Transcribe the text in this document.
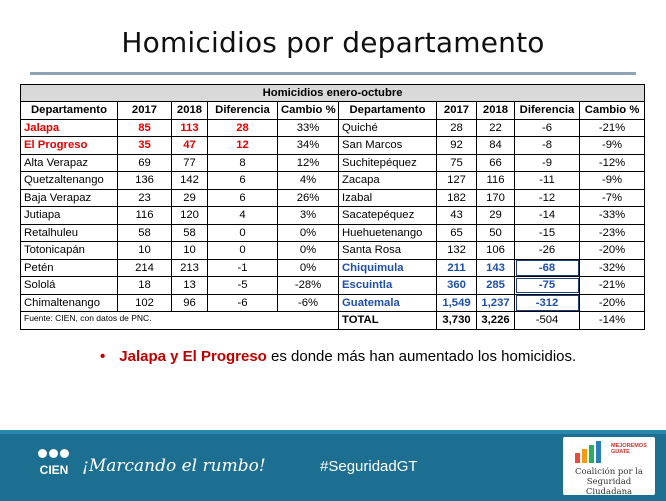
Homicidios por departamento
Homicidios enero-octubre									
Departamento	2017	2018	Diferencia	Cambio %	Departamento	2017	2018	Diferencia	Cambio %
Jalapa	85	113	28	33%	Quiché	28	22	-6	-21%
El Progreso	35	47	12	34%	San Marcos	92	84	-8	-9%
Alta Verapaz	69	77	8	12%	Suchitepéquez	75	66	-9	-12%
Quetzaltenango	136	142	6	4%	Zacapa	127	116	-11	-9%
Baja Verapaz	23	29	6	26%	Izabal	182	170	-12	-7%
Jutiapa	116	120	4	3%	Sacatepéquez	43	29	-14	-33%
Retalhuleu	58	58	0	0%	Huehuetenango	65	50	-15	-23%
Totonicapán	10	10	0	0%	Santa Rosa	132	106	-26	-20%
Petén	214	213	-1	0%	Chiquimula	211	143	-68	-32%
Sololá	18	13	-5	-28%	Escuintla	360	285	-75	-21%
Chimaltenango	102	96	-6	-6%	Guatemala	1,549	1,237	-312	-20%
Fuente: CIEN, con datos de PNC.					TOTAL	3,730	3,226	-504	-14%
• Jalapa y El Progreso es donde más han aumentado los homicidios.
CIEN ¡Marcando el rumbo!	#SeguridadGT
MEJOREMOS GUATE
Coalición por la
Seguridad Ciudadana
